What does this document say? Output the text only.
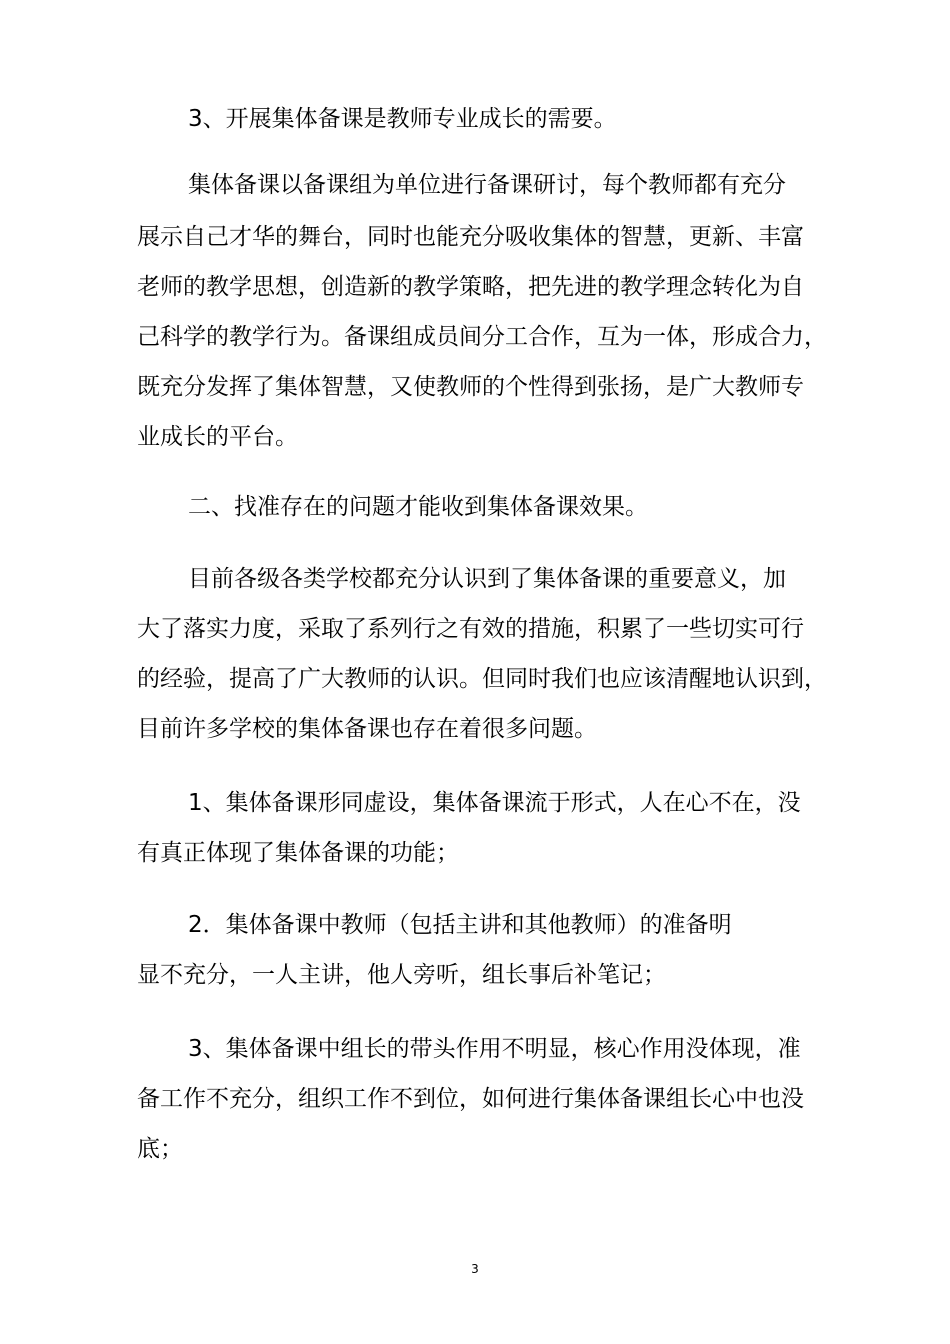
3、开展集体备课是教师专业成长的需要。
集体备课以备课组为单位进行备课研讨，每个教师都有充分
展示自己才华的舞台，同时也能充分吸收集体的智慧，更新、丰富
老师的教学思想，创造新的教学策略，把先进的教学理念转化为自
己科学的教学行为。备课组成员间分工合作，互为一体，形成合力，
既充分发挥了集体智慧，又使教师的个性得到张扬，是广大教师专
业成长的平台。
二、找准存在的问题才能收到集体备课效果。
目前各级各类学校都充分认识到了集体备课的重要意义，加
大了落实力度，采取了系列行之有效的措施，积累了一些切实可行
的经验，提高了广大教师的认识。但同时我们也应该清醒地认识到，
目前许多学校的集体备课也存在着很多问题。
1、集体备课形同虚设，集体备课流于形式，人在心不在，没
有真正体现了集体备课的功能；
2．集体备课中教师（包括主讲和其他教师）的准备明
显不充分，一人主讲，他人旁听，组长事后补笔记；
3、集体备课中组长的带头作用不明显，核心作用没体现，准
备工作不充分，组织工作不到位，如何进行集体备课组长心中也没
底；
3
